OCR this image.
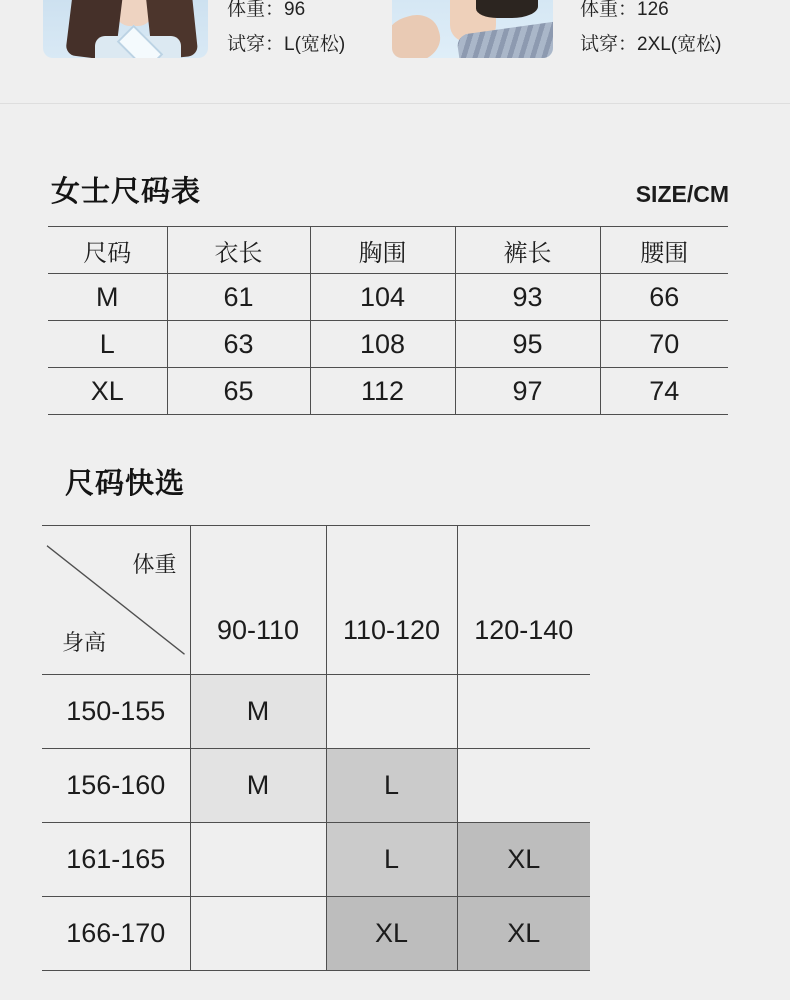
体重：96
试穿：L(宽松)
体重：126
试穿：2XL(宽松)
女士尺码表	SIZE/CM
尺码	衣长	胸围	裤长	腰围
M	61	104	93	66
L	63	108	95	70
XL	65	112	97	74
尺码快选
体重
身高	90-110	110-120	120-140
150-155	M		
156-160	M	L	
161-165		L	XL
166-170		XL	XL
